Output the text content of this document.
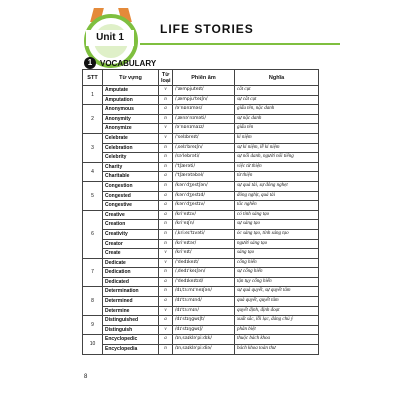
Unit 1
LIFE STORIES
1 VOCABULARY
STT	Từ vựng	Từ loại	Phiên âm	Nghĩa
1	Amputate	v	/ˈæmpjuteɪt/	cắt cụt
	Amputation	n	/ˌæmpjuˈteɪʃn/	sự cắt cụt
2	Anonymous	a	/əˈnɒnɪməs/	giấu tên, nặc danh
	Anonymity	n	/ˌænəˈnɪməti/	sự nặc danh
	Anonymize	v	/əˈnɒnɪmaɪz/	giấu tên
3	Celebrate	v	/ˈselɪbreɪt/	kỉ niệm
	Celebration	n	/ˌselɪˈbreɪʃn/	sự kỉ niệm, lễ kỉ niệm
	Celebrity	n	/səˈlebrəti/	sự nổi danh, người nổi tiếng
4	Charity	n	/ˈtʃærəti/	việc từ thiện
	Charitable	a	/ˈtʃærətəbəl/	từ thiện
5	Congestion	n	/kənˈdʒestʃən/	sự quá tải, sự đông nghẹt
	Congested	a	/kənˈdʒestɪd/	đông nghịt, quá tải
	Congestive	a	/kənˈdʒestɪv/	tắc nghẽn
6	Creative	a	/kriˈeɪtɪv/	có tính sáng tạo
	Creation	n	/kriˈeɪʃn/	sự sáng tạo
	Creativity	n	/ˌkriːeɪˈtɪvəti/	óc sáng tạo, tính sáng tạo
	Creator	n	/kriˈeɪtər/	người sáng tạo
	Create	v	/kriˈeɪt/	sáng tạo
7	Dedicate	v	/ˈdedɪkeɪt/	cống hiến
	Dedication	n	/ˌdedɪˈkeɪʃən/	sự cống hiến
	Dedicated	a	/ˈdedɪkeɪtɪd/	tận tụy cống hiến
8	Determination	n	/dɪˌtɜːmɪˈneɪʃən/	sự quả quyết, sự quyết tâm
	Determined	a	/dɪˈtɜːmɪnd/	quả quyết, quyết tâm
	Determine	v	/dɪˈtɜːmɪn/	quyết định, định đoạt
9	Distinguished	a	/dɪˈstɪŋɡwɪʃt/	xuất sắc, lỗi lạc, đáng chú ý
	Distinguish	v	/dɪˈstɪŋɡwɪʃ/	phân biệt
10	Encyclopedic	a	/ɪnˌsaɪkləˈpiːdɪk/	thuộc bách khoa
	Encyclopedia	n	/ɪnˌsaɪkləˈpiːdiə/	bách khoa toàn thư
8
